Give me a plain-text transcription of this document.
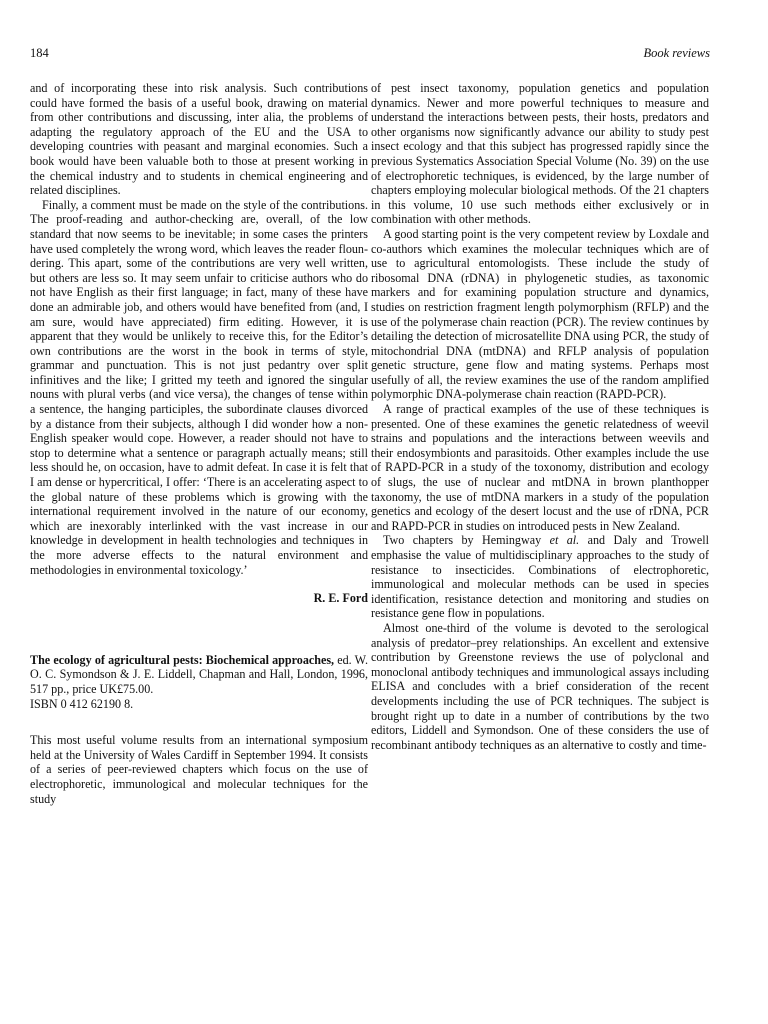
184	Book reviews

and of incorporating these into risk analysis. Such contributions could have formed the basis of a useful book, drawing on material from other contributions and discussing, inter alia, the problems of adapting the regulatory approach of the EU and the USA to developing countries with peasant and marginal economies. Such a book would have been valuable both to those at present working in the chemical industry and to students in chemical engineering and related disciplines.

Finally, a comment must be made on the style of the contributions. The proof-reading and author-checking are, overall, of the low standard that now seems to be inevitable; in some cases the printers have used completely the wrong word, which leaves the reader floundering. This apart, some of the contributions are very well written, but others are less so. It may seem unfair to criticise authors who do not have English as their first language; in fact, many of these have done an admirable job, and others would have benefited from (and, I am sure, would have appreciated) firm editing. However, it is apparent that they would be unlikely to receive this, for the Editor’s own contributions are the worst in the book in terms of style, grammar and punctuation. This is not just pedantry over split infinitives and the like; I gritted my teeth and ignored the singular nouns with plural verbs (and vice versa), the changes of tense within a sentence, the hanging participles, the subordinate clauses divorced by a distance from their subjects, although I did wonder how a non-English speaker would cope. However, a reader should not have to stop to determine what a sentence or paragraph actually means; still less should he, on occasion, have to admit defeat. In case it is felt that I am dense or hypercritical, I offer: ‘There is an accelerating aspect to the global nature of these problems which is growing with the international requirement involved in the nature of our economy, which are inexorably interlinked with the vast increase in our knowledge in development in health technologies and techniques in the more adverse effects to the natural environment and methodologies in environmental toxicology.’

R. E. Ford

The ecology of agricultural pests: Biochemical approaches, ed. W. O. C. Symondson & J. E. Liddell, Chapman and Hall, London, 1996, 517 pp., price UK£75.00.

ISBN 0 412 62190 8.

This most useful volume results from an international symposium held at the University of Wales Cardiff in September 1994. It consists of a series of peer-reviewed chapters which focus on the use of electrophoretic, immunological and molecular techniques for the study

of pest insect taxonomy, population genetics and population dynamics. Newer and more powerful techniques to measure and understand the interactions between pests, their hosts, predators and other organisms now significantly advance our ability to study pest insect ecology and that this subject has progressed rapidly since the previous Systematics Association Special Volume (No. 39) on the use of electrophoretic techniques, is evidenced, by the large number of chapters employing molecular biological methods. Of the 21 chapters in this volume, 10 use such methods either exclusively or in combination with other methods.

A good starting point is the very competent review by Loxdale and co-authors which examines the molecular techniques which are of use to agricultural entomologists. These include the study of ribosomal DNA (rDNA) in phylogenetic studies, as taxonomic markers and for examining population structure and dynamics, studies on restriction fragment length polymorphism (RFLP) and the use of the polymerase chain reaction (PCR). The review continues by detailing the detection of microsatellite DNA using PCR, the study of mitochondrial DNA (mtDNA) and RFLP analysis of population genetic structure, gene flow and mating systems. Perhaps most usefully of all, the review examines the use of the random amplified polymorphic DNA-polymerase chain reaction (RAPD-PCR).

A range of practical examples of the use of these techniques is presented. One of these examines the genetic relatedness of weevil strains and populations and the interactions between weevils and their endosymbionts and parasitoids. Other examples include the use of RAPD-PCR in a study of the toxonomy, distribution and ecology of slugs, the use of nuclear and mtDNA in brown planthopper taxonomy, the use of mtDNA markers in a study of the population genetics and ecology of the desert locust and the use of rDNA, PCR and RAPD-PCR in studies on introduced pests in New Zealand.

Two chapters by Hemingway et al. and Daly and Trowell emphasise the value of multidisciplinary approaches to the study of resistance to insecticides. Combinations of electrophoretic, immunological and molecular methods can be used in species identification, resistance detection and monitoring and studies on resistance gene flow in populations.

Almost one-third of the volume is devoted to the serological analysis of predator–prey relationships. An excellent and extensive contribution by Greenstone reviews the use of polyclonal and monoclonal antibody techniques and immunological assays including ELISA and concludes with a brief consideration of the recent developments including the use of PCR techniques. The subject is brought right up to date in a number of contributions by the two editors, Liddell and Symondson. One of these considers the use of recombinant antibody techniques as an alternative to costly and time-
